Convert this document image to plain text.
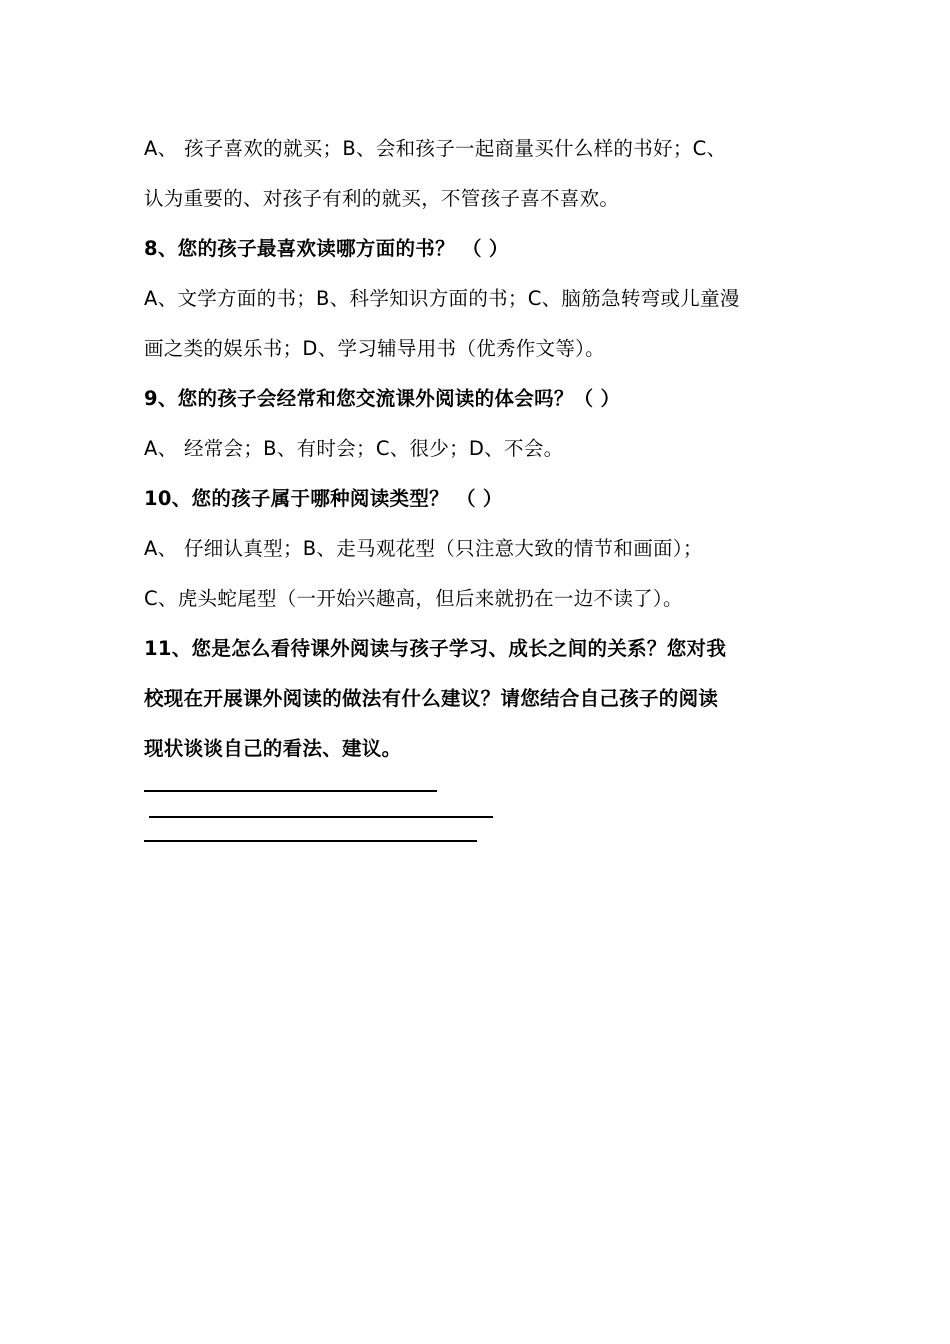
A、 孩子喜欢的就买；B、会和孩子一起商量买什么样的书好；C、
认为重要的、对孩子有利的就买，不管孩子喜不喜欢。
8、您的孩子最喜欢读哪方面的书？ （ ）
A、文学方面的书；B、科学知识方面的书；C、脑筋急转弯或儿童漫
画之类的娱乐书；D、学习辅导用书（优秀作文等）。
9、您的孩子会经常和您交流课外阅读的体会吗？（ ）
A、 经常会；B、有时会；C、很少；D、不会。
10、您的孩子属于哪种阅读类型？ （ ）
A、 仔细认真型；B、走马观花型（只注意大致的情节和画面）；
C、虎头蛇尾型（一开始兴趣高，但后来就扔在一边不读了）。
11、您是怎么看待课外阅读与孩子学习、成长之间的关系？您对我
校现在开展课外阅读的做法有什么建议？请您结合自己孩子的阅读
现状谈谈自己的看法、建议。
